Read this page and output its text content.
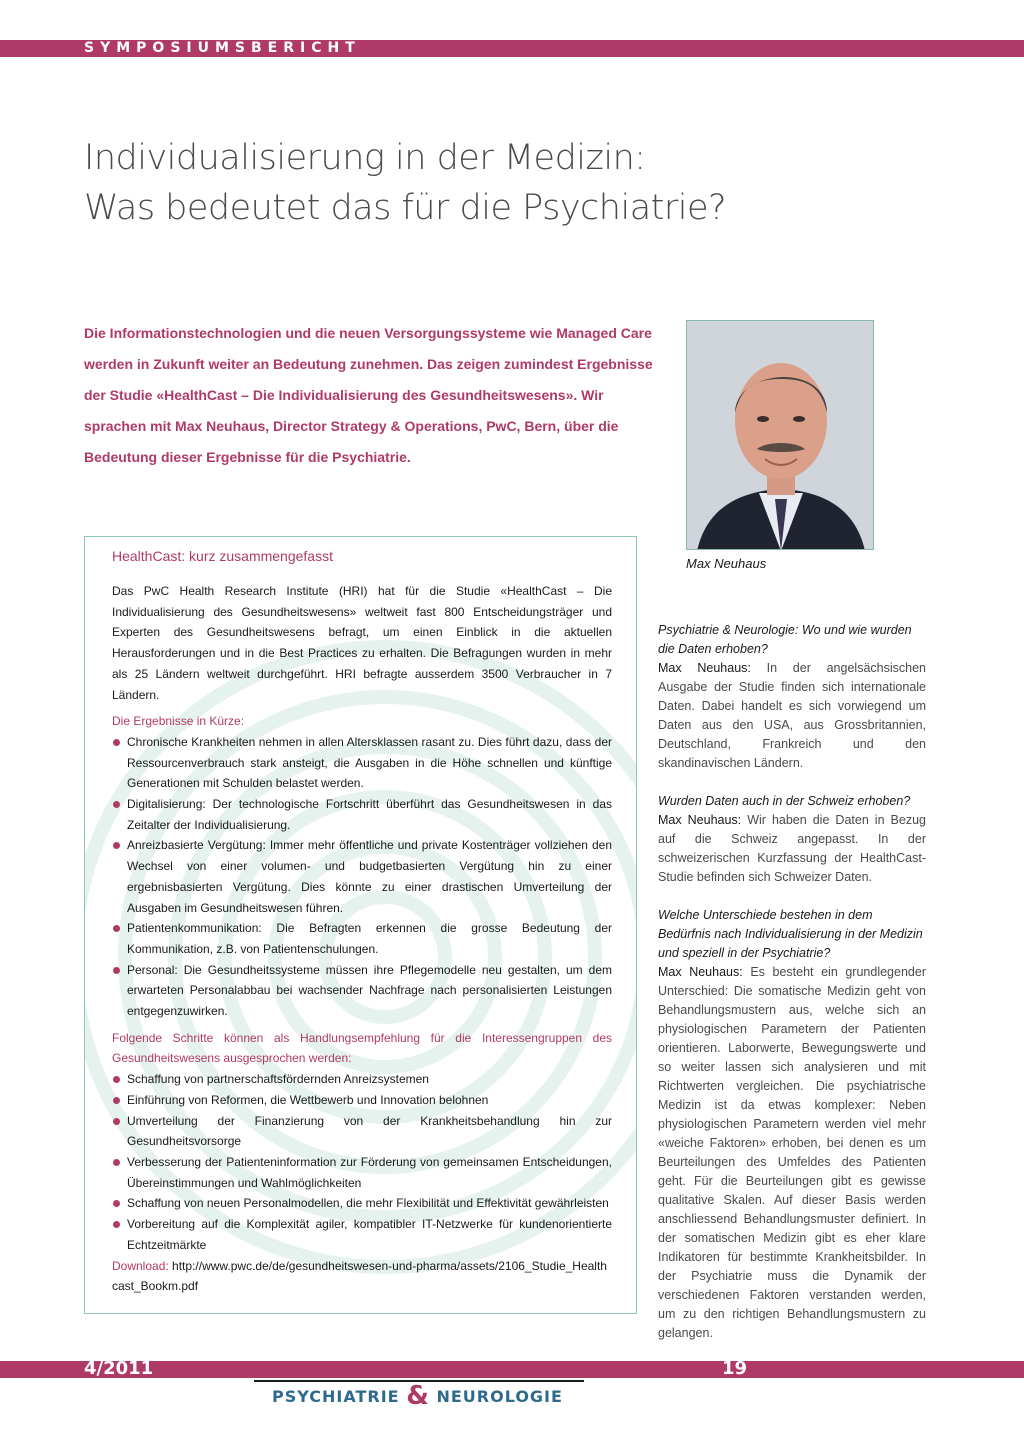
SYMPOSIUMSBERICHT
Individualisierung in der Medizin:
Was bedeutet das für die Psychiatrie?
Die Informationstechnologien und die neuen Versorgungssysteme wie Managed Care werden in Zukunft weiter an Bedeutung zunehmen. Das zeigen zumindest Ergebnisse der Studie «HealthCast – Die Individualisierung des Gesundheitswesens». Wir sprachen mit Max Neuhaus, Director Strategy & Operations, PwC, Bern, über die Bedeutung dieser Ergebnisse für die Psychiatrie.
Max Neuhaus
HealthCast: kurz zusammengefasst

Das PwC Health Research Institute (HRI) hat für die Studie «HealthCast – Die Individualisierung des Gesundheitswesens» weltweit fast 800 Entscheidungsträger und Experten des Gesundheitswesens befragt, um einen Einblick in die aktuellen Herausforderungen und in die Best Practices zu erhalten. Die Befragungen wurden in mehr als 25 Ländern weltweit durchgeführt. HRI befragte ausserdem 3500 Verbraucher in 7 Ländern.

Die Ergebnisse in Kürze:

Chronische Krankheiten nehmen in allen Altersklassen rasant zu. Dies führt dazu, dass der Ressourcenverbrauch stark ansteigt, die Ausgaben in die Höhe schnellen und künftige Generationen mit Schulden belastet werden.
Digitalisierung: Der technologische Fortschritt überführt das Gesundheitswesen in das Zeitalter der Individualisierung.
Anreizbasierte Vergütung: Immer mehr öffentliche und private Kostenträger vollziehen den Wechsel von einer volumen- und budgetbasierten Vergütung hin zu einer ergebnisbasierten Vergütung. Dies könnte zu einer drastischen Umverteilung der Ausgaben im Gesundheitswesen führen.
Patientenkommunikation: Die Befragten erkennen die grosse Bedeutung der Kommunikation, z.B. von Patientenschulungen.
Personal: Die Gesundheitssysteme müssen ihre Pflegemodelle neu gestalten, um dem erwarteten Personalabbau bei wachsender Nachfrage nach personalisierten Leistungen entgegenzuwirken.

Folgende Schritte können als Handlungsempfehlung für die Interessengruppen des Gesundheitswesens ausgesprochen werden:

Schaffung von partnerschaftsfördernden Anreizsystemen
Einführung von Reformen, die Wettbewerb und Innovation belohnen
Umverteilung der Finanzierung von der Krankheitsbehandlung hin zur Gesundheitsvorsorge
Verbesserung der Patienteninformation zur Förderung von gemeinsamen Entscheidungen, Übereinstimmungen und Wahlmöglichkeiten
Schaffung von neuen Personalmodellen, die mehr Flexibilität und Effektivität gewährleisten
Vorbereitung auf die Komplexität agiler, kompatibler IT-Netzwerke für kundenorientierte Echtzeitmärkte

Download: http://www.pwc.de/de/gesundheitswesen-und-pharma/assets/2106_Studie_Healthcast_Bookm.pdf

Psychiatrie & Neurologie: Wo und wie wurden die Daten erhoben?

Max Neuhaus: In der angelsächsischen Ausgabe der Studie finden sich internationale Daten. Dabei handelt es sich vorwiegend um Daten aus den USA, aus Grossbritannien, Deutschland, Frankreich und den skandinavischen Ländern.

Wurden Daten auch in der Schweiz erhoben?

Max Neuhaus: Wir haben die Daten in Bezug auf die Schweiz angepasst. In der schweizerischen Kurzfassung der HealthCast-Studie befinden sich Schweizer Daten.

Welche Unterschiede bestehen in dem Bedürfnis nach Individualisierung in der Medizin und speziell in der Psychiatrie?

Max Neuhaus: Es besteht ein grundlegender Unterschied: Die somatische Medizin geht von Behandlungsmustern aus, welche sich an physiologischen Parametern der Patienten orientieren. Laborwerte, Bewegungswerte und so weiter lassen sich analysieren und mit Richtwerten vergleichen. Die psychiatrische Medizin ist da etwas komplexer: Neben physiologischen Parametern werden viel mehr «weiche Faktoren» erhoben, bei denen es um Beurteilungen des Umfeldes des Patienten geht. Für die Beurteilungen gibt es gewisse qualitative Skalen. Auf dieser Basis werden anschliessend Behandlungsmuster definiert. In der somatischen Medizin gibt es eher klare Indikatoren für bestimmte Krankheitsbilder. In der Psychiatrie muss die Dynamik der verschiedenen Faktoren verstanden werden, um zu den richtigen Behandlungsmustern zu gelangen.

4/2011	19
PSYCHIATRIE & NEUROLOGIE
